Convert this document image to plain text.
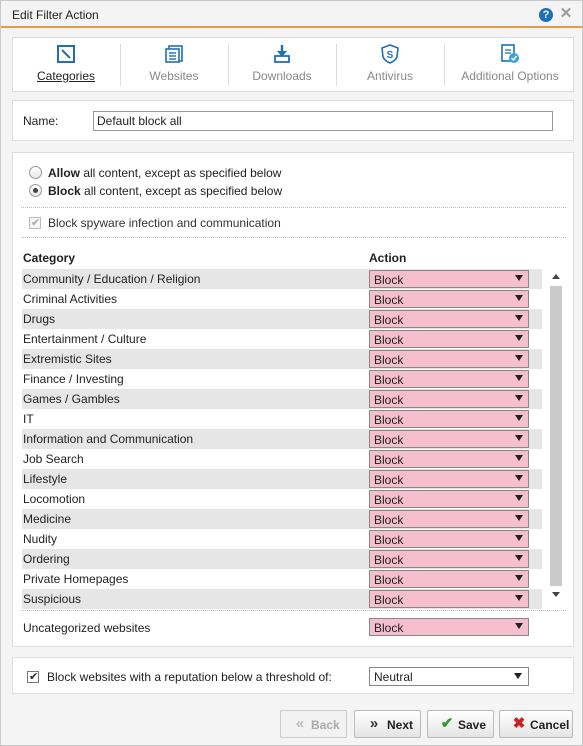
Edit Filter Action	? ✕
Categories	Websites	Downloads
S
Antivirus	Additional Options
Name:
Default block all
Allow all content, except as specified below
Block all content, except as specified below
✔ Block spyware infection and communication
Category	Action
Community / Education / Religion	Block
Criminal Activities	Block
Drugs	Block
Entertainment / Culture	Block
Extremistic Sites	Block
Finance / Investing	Block
Games / Gambles	Block
IT	Block
Information and Communication	Block
Job Search	Block
Lifestyle	Block
Locomotion	Block
Medicine	Block
Nudity	Block
Ordering	Block
Private Homepages	Block
Suspicious	Block
Uncategorized websites	Block
✔ Block websites with a reputation below a threshold of:	Neutral
« Back	» Next ✔ Save ✖ Cancel
